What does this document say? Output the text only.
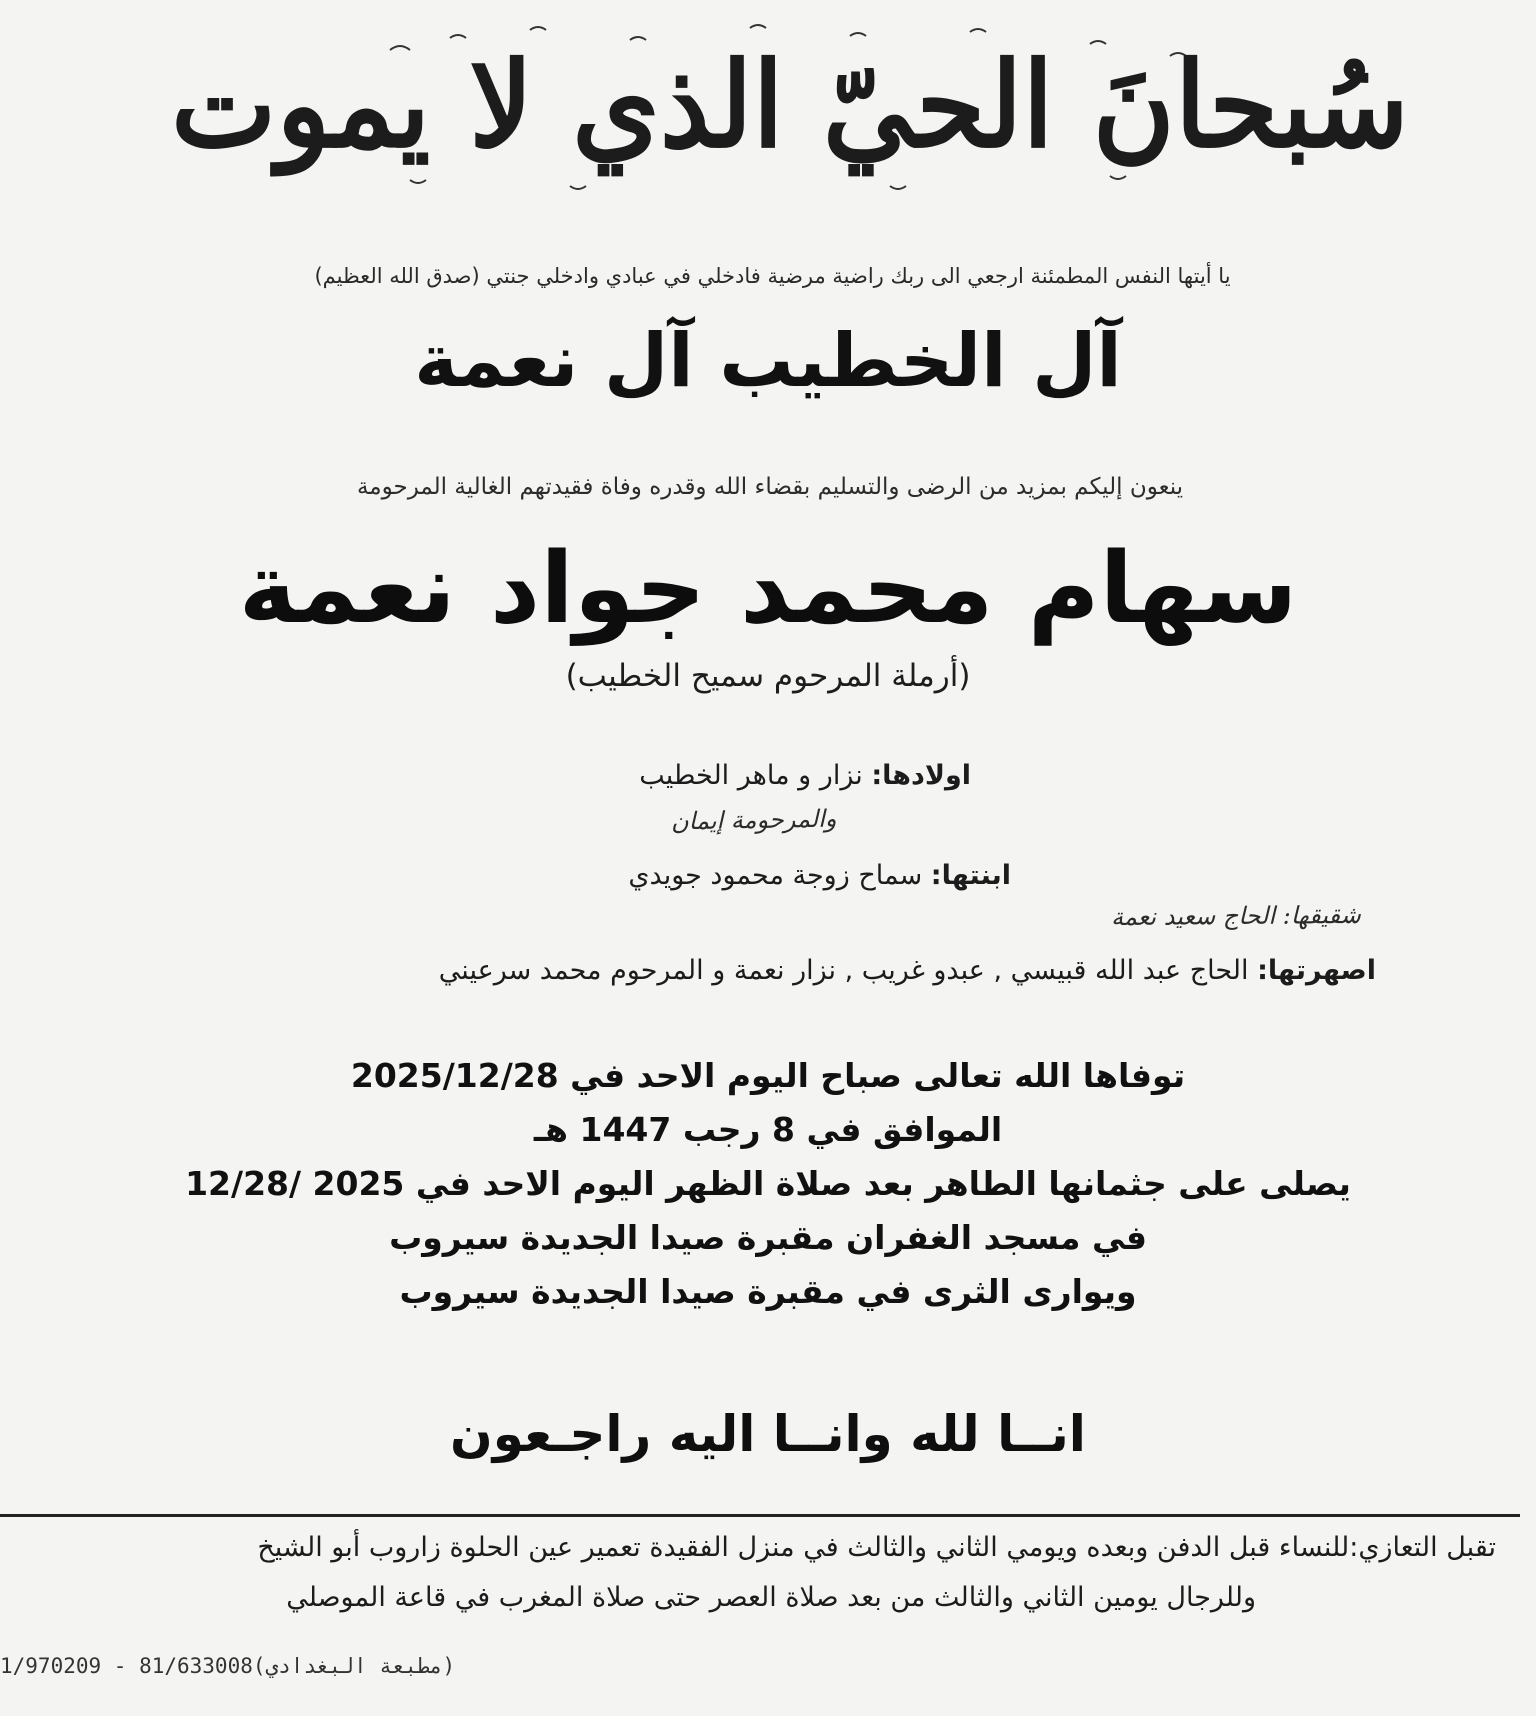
سُبحانَ الحيّ الذي لا يموت
يا أيتها النفس المطمئنة ارجعي الى ربك راضية مرضية فادخلي في عبادي وادخلي جنتي (صدق الله العظيم)
آل الخطيب آل نعمة
ينعون إليكم بمزيد من الرضى والتسليم بقضاء الله وقدره وفاة فقيدتهم الغالية المرحومة
سهام محمد جواد نعمة
(أرملة المرحوم سميح الخطيب)
اولادها: نزار و ماهر الخطيب
والمرحومة إيمان
ابنتها: سماح زوجة محمود جويدي
شقيقها: الحاج سعيد نعمة
اصهرتها: الحاج عبد الله قبيسي , عبدو غريب , نزار نعمة و المرحوم محمد سرعيني
توفاها الله تعالى صباح اليوم الاحد في 2025/12/28
الموافق في 8 رجب 1447 هـ
يصلى على جثمانها الطاهر بعد صلاة الظهر اليوم الاحد في 2025 /12/28
في مسجد الغفران مقبرة صيدا الجديدة سيروب
ويوارى الثرى في مقبرة صيدا الجديدة سيروب
انــا لله وانــا اليه راجـعون
تقبل التعازي:للنساء قبل الدفن وبعده ويومي الثاني والثالث في منزل الفقيدة تعمير عين الحلوة زاروب أبو الشيخ
وللرجال يومين الثاني والثالث من بعد صلاة العصر حتى صلاة المغرب في قاعة الموصلي
1/970209 - 81/633008(مطبعة البغدادي)
